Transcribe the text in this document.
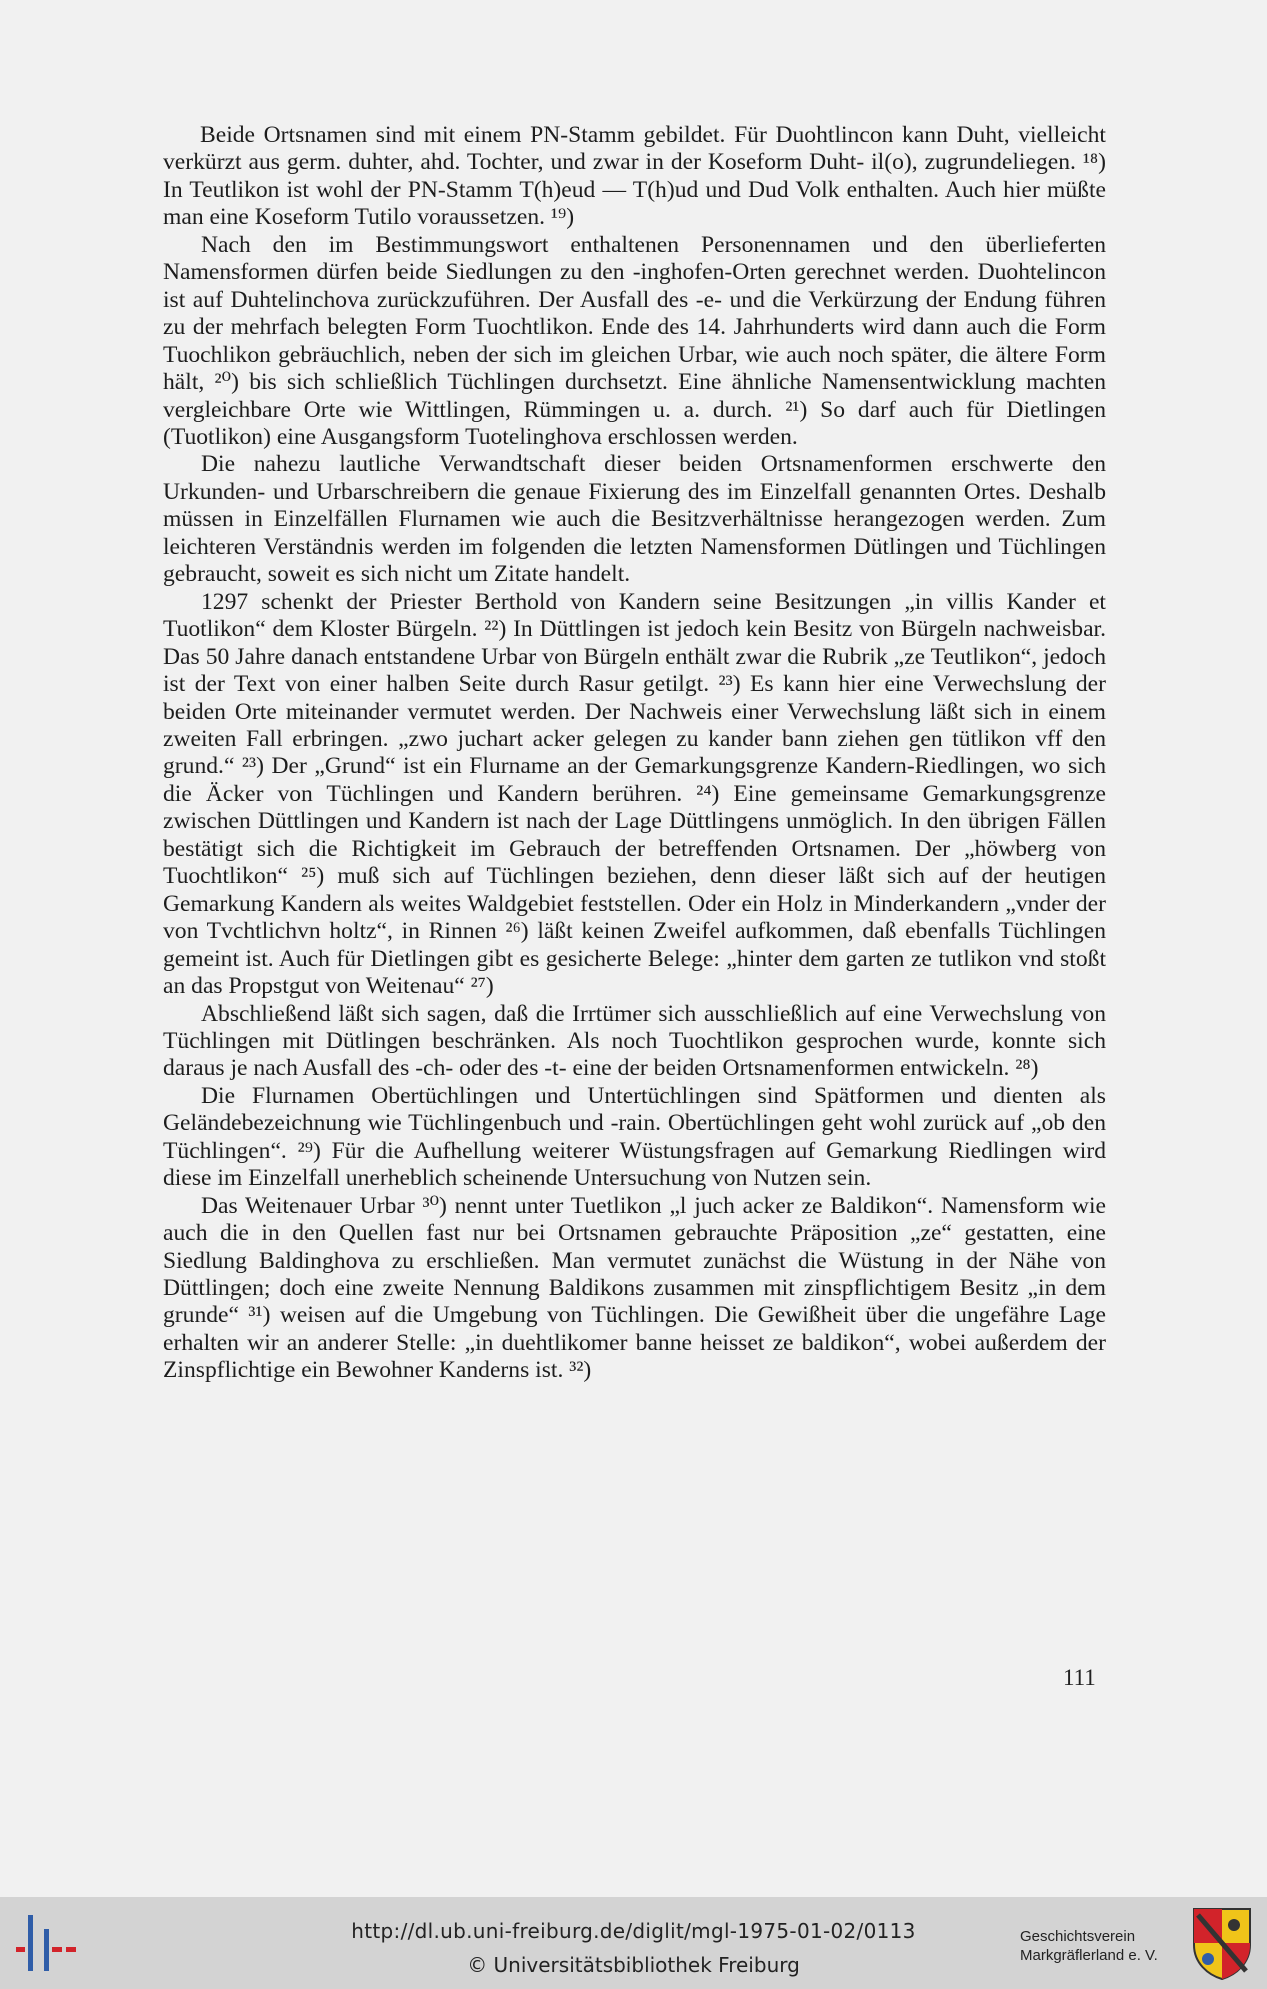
Beide Ortsnamen sind mit einem PN-Stamm gebildet. Für Duohtlincon kann Duht, vielleicht verkürzt aus germ. duhter, ahd. Tochter, und zwar in der Koseform Duht- il(o), zugrundeliegen. ¹⁸) In Teutlikon ist wohl der PN-Stamm T(h)eud — T(h)ud und Dud Volk enthalten. Auch hier müßte man eine Koseform Tutilo voraussetzen. ¹⁹)

Nach den im Bestimmungswort enthaltenen Personennamen und den überlieferten Namensformen dürfen beide Siedlungen zu den -inghofen-Orten gerechnet werden. Duohtelincon ist auf Duhtelinchova zurückzuführen. Der Ausfall des -e- und die Verkürzung der Endung führen zu der mehrfach belegten Form Tuochtlikon. Ende des 14. Jahrhunderts wird dann auch die Form Tuochlikon gebräuchlich, neben der sich im gleichen Urbar, wie auch noch später, die ältere Form hält, ²⁰) bis sich schließlich Tüchlingen durchsetzt. Eine ähnliche Namensentwicklung machten vergleichbare Orte wie Wittlingen, Rümmingen u. a. durch. ²¹) So darf auch für Dietlingen (Tuotlikon) eine Ausgangsform Tuotelinghova erschlossen werden.

Die nahezu lautliche Verwandtschaft dieser beiden Ortsnamenformen erschwerte den Urkunden- und Urbarschreibern die genaue Fixierung des im Einzelfall genannten Ortes. Deshalb müssen in Einzelfällen Flurnamen wie auch die Besitzverhältnisse herangezogen werden. Zum leichteren Verständnis werden im folgenden die letzten Namensformen Dütlingen und Tüchlingen gebraucht, soweit es sich nicht um Zitate handelt.

1297 schenkt der Priester Berthold von Kandern seine Besitzungen „in villis Kander et Tuotlikon“ dem Kloster Bürgeln. ²²) In Düttlingen ist jedoch kein Besitz von Bürgeln nachweisbar. Das 50 Jahre danach entstandene Urbar von Bürgeln enthält zwar die Rubrik „ze Teutlikon“, jedoch ist der Text von einer halben Seite durch Rasur getilgt. ²³) Es kann hier eine Verwechslung der beiden Orte miteinander vermutet werden. Der Nachweis einer Verwechslung läßt sich in einem zweiten Fall erbringen. „zwo juchart acker gelegen zu kander bann ziehen gen tütlikon vff den grund.“ ²³) Der „Grund“ ist ein Flurname an der Gemarkungsgrenze Kandern-Riedlingen, wo sich die Äcker von Tüchlingen und Kandern berühren. ²⁴) Eine gemeinsame Gemarkungsgrenze zwischen Düttlingen und Kandern ist nach der Lage Düttlingens unmöglich. In den übrigen Fällen bestätigt sich die Richtigkeit im Gebrauch der betreffenden Ortsnamen. Der „höwberg von Tuochtlikon“ ²⁵) muß sich auf Tüchlingen beziehen, denn dieser läßt sich auf der heutigen Gemarkung Kandern als weites Waldgebiet feststellen. Oder ein Holz in Minderkandern „vnder der von Tvchtlichvn holtz“, in Rinnen ²⁶) läßt keinen Zweifel aufkommen, daß ebenfalls Tüchlingen gemeint ist. Auch für Dietlingen gibt es gesicherte Belege: „hinter dem garten ze tutlikon vnd stoßt an das Propstgut von Weitenau“ ²⁷)

Abschließend läßt sich sagen, daß die Irrtümer sich ausschließlich auf eine Verwechslung von Tüchlingen mit Dütlingen beschränken. Als noch Tuochtlikon gesprochen wurde, konnte sich daraus je nach Ausfall des -ch- oder des -t- eine der beiden Ortsnamenformen entwickeln. ²⁸)

Die Flurnamen Obertüchlingen und Untertüchlingen sind Spätformen und dienten als Geländebezeichnung wie Tüchlingenbuch und -rain. Obertüchlingen geht wohl zurück auf „ob den Tüchlingen“. ²⁹) Für die Aufhellung weiterer Wüstungsfragen auf Gemarkung Riedlingen wird diese im Einzelfall unerheblich scheinende Untersuchung von Nutzen sein.

Das Weitenauer Urbar ³⁰) nennt unter Tuetlikon „l juch acker ze Baldikon“. Namensform wie auch die in den Quellen fast nur bei Ortsnamen gebrauchte Präposition „ze“ gestatten, eine Siedlung Baldinghova zu erschließen. Man vermutet zunächst die Wüstung in der Nähe von Düttlingen; doch eine zweite Nennung Baldikons zusammen mit zinspflichtigem Besitz „in dem grunde“ ³¹) weisen auf die Umgebung von Tüchlingen. Die Gewißheit über die ungefähre Lage erhalten wir an anderer Stelle: „in duehtlikomer banne heisset ze baldikon“, wobei außerdem der Zinspflichtige ein Bewohner Kanderns ist. ³²)

111
http://dl.ub.uni-freiburg.de/diglit/mgl-1975-01-02/0113
© Universitätsbibliothek Freiburg
Geschichtsverein
Markgräflerland e. V.
